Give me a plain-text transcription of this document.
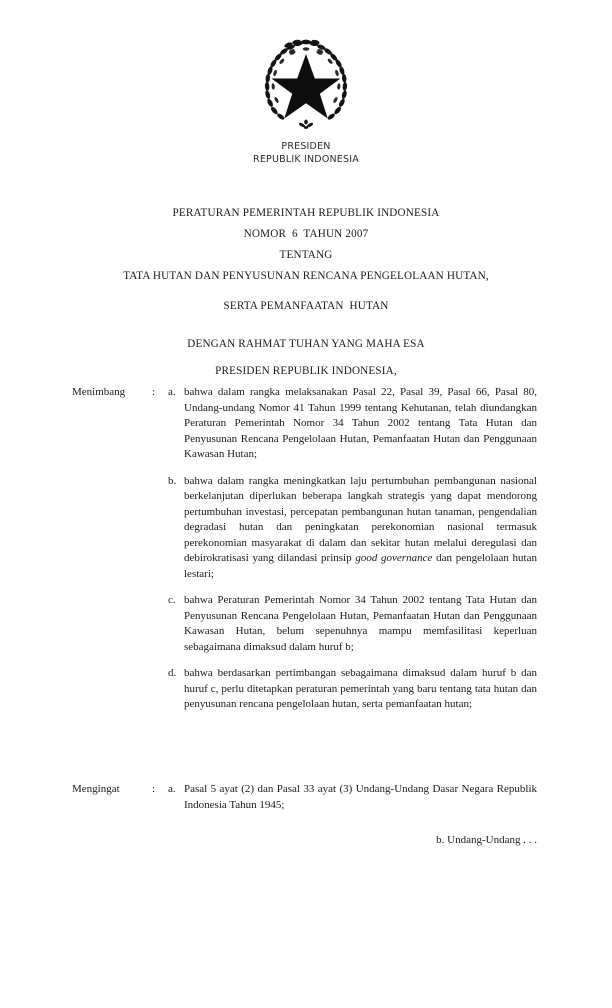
PRESIDEN
REPUBLIK INDONESIA
PERATURAN PEMERINTAH REPUBLIK INDONESIA
NOMOR  6  TAHUN 2007
TENTANG
TATA HUTAN DAN PENYUSUNAN RENCANA PENGELOLAAN HUTAN,
SERTA PEMANFAATAN  HUTAN
DENGAN RAHMAT TUHAN YANG MAHA ESA
PRESIDEN REPUBLIK INDONESIA,
Menimbang	:	a. bahwa dalam rangka melaksanakan Pasal 22, Pasal 39, Pasal 66, Pasal 80, Undang-undang Nomor 41 Tahun 1999 tentang Kehutanan, telah diundangkan Peraturan Pemerintah Nomor 34 Tahun 2002 tentang Tata Hutan dan Penyusunan Rencana Pengelolaan Hutan, Pemanfaatan Hutan dan Penggunaan Kawasan Hutan;
b. bahwa dalam rangka meningkatkan laju pertumbuhan pembangunan nasional berkelanjutan diperlukan beberapa langkah strategis yang dapat mendorong pertumbuhan investasi, percepatan pembangunan hutan tanaman, pengendalian degradasi hutan dan peningkatan perekonomian nasional termasuk perekonomian masyarakat di dalam dan sekitar hutan melalui deregulasi dan debirokratisasi yang dilandasi prinsip good governance dan pengelolaan hutan lestari;
c. bahwa Peraturan Pemerintah Nomor 34 Tahun 2002 tentang Tata Hutan dan Penyusunan Rencana Pengelolaan Hutan, Pemanfaatan Hutan dan Penggunaan Kawasan Hutan, belum sepenuhnya mampu memfasilitasi keperluan sebagaimana dimaksud dalam huruf b;
d. bahwa berdasarkan pertimbangan sebagaimana dimaksud dalam huruf b dan huruf c, perlu ditetapkan peraturan pemerintah yang baru tentang tata hutan dan penyusunan rencana pengelolaan hutan, serta pemanfaatan hutan;
Mengingat	:	a. Pasal 5 ayat (2) dan Pasal 33 ayat (3) Undang-Undang Dasar Negara Republik Indonesia Tahun 1945;
b. Undang-Undang . . .
